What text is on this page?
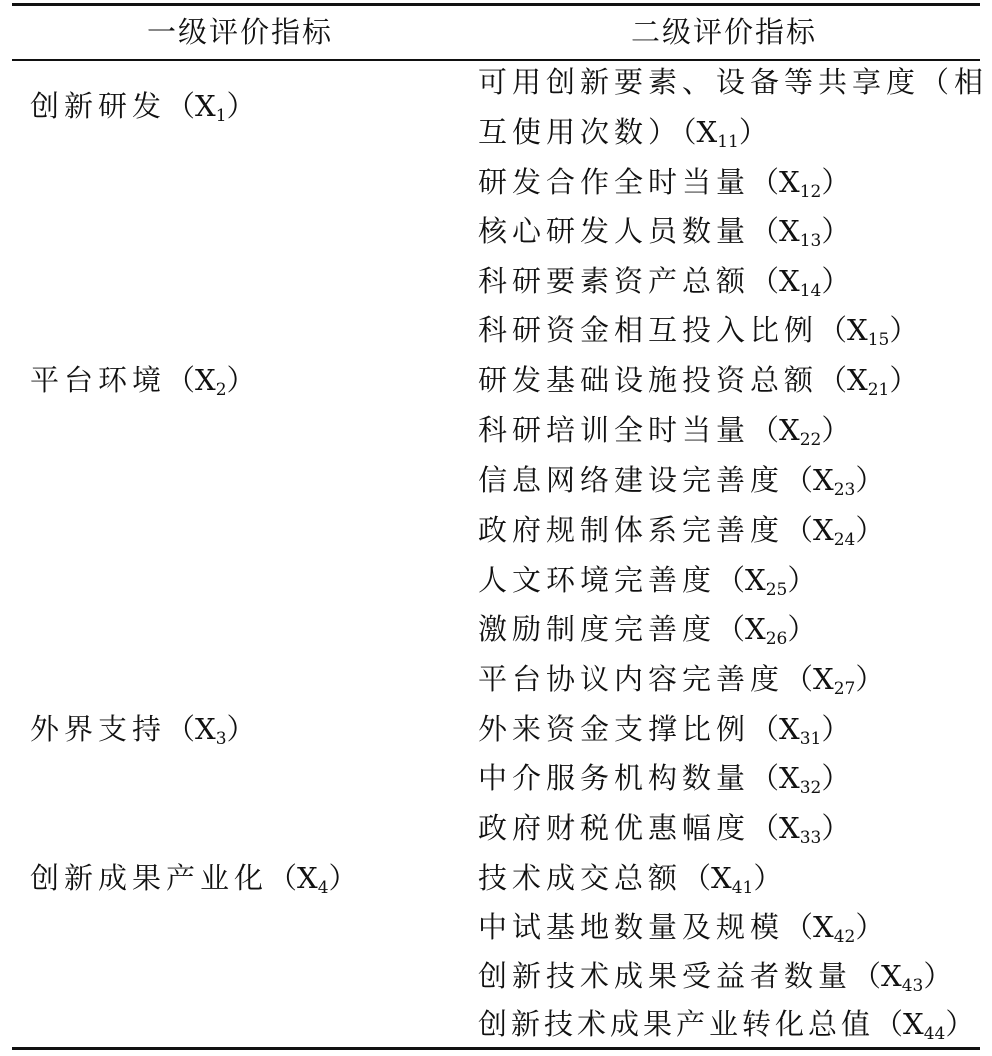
一级评价指标	二级评价指标
创新研发$(X_1)$
平台环境$(X_2)$
外界支持$(X_3)$
创新成果产业化$(X_4)$
可用创新要素、设备等共享度（相
互使用次数）$(X_{11})$
研发合作全时当量$(X_{12})$
核心研发人员数量$(X_{13})$
科研要素资产总额$(X_{14})$
科研资金相互投入比例$(X_{15})$
研发基础设施投资总额$(X_{21})$
科研培训全时当量$(X_{22})$
信息网络建设完善度$(X_{23})$
政府规制体系完善度$(X_{24})$
人文环境完善度$(X_{25})$
激励制度完善度$(X_{26})$
平台协议内容完善度$(X_{27})$
外来资金支撑比例$(X_{31})$
中介服务机构数量$(X_{32})$
政府财税优惠幅度$(X_{33})$
技术成交总额$(X_{41})$
中试基地数量及规模$(X_{42})$
创新技术成果受益者数量$(X_{43})$
创新技术成果产业转化总值$(X_{44})$
